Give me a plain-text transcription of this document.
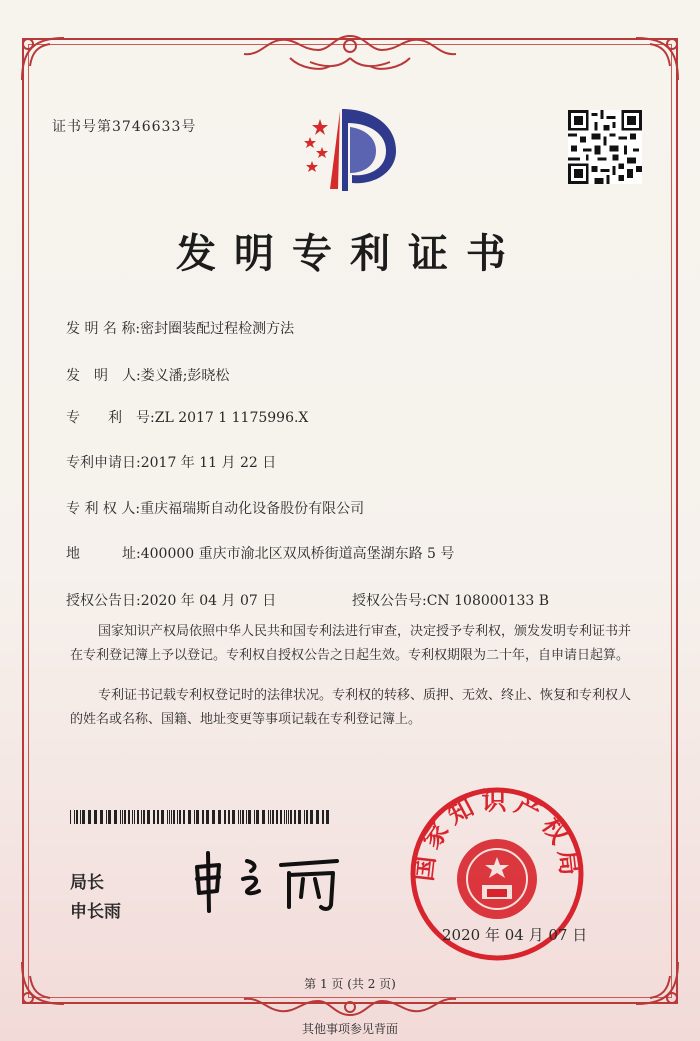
证书号第3746633号
发明专利证书
发 明 名 称:密封圈装配过程检测方法
发　明　人:娄义潘;彭晓松
专　　利　号:ZL 2017 1 1175996.X
专利申请日:2017 年 11 月 22 日
专 利 权 人:重庆福瑞斯自动化设备股份有限公司
地　　　址:400000 重庆市渝北区双凤桥街道高堡湖东路 5 号
授权公告日:2020 年 04 月 07 日	授权公告号:CN 108000133 B
国家知识产权局依照中华人民共和国专利法进行审查，决定授予专利权，颁发发明专利证书并在专利登记簿上予以登记。专利权自授权公告之日起生效。专利权期限为二十年，自申请日起算。
专利证书记载专利权登记时的法律状况。专利权的转移、质押、无效、终止、恢复和专利权人的姓名或名称、国籍、地址变更等事项记载在专利登记簿上。
局长
申长雨
国家知识产权局
2020 年 04 月 07 日
第 1 页 (共 2 页)
其他事项参见背面
